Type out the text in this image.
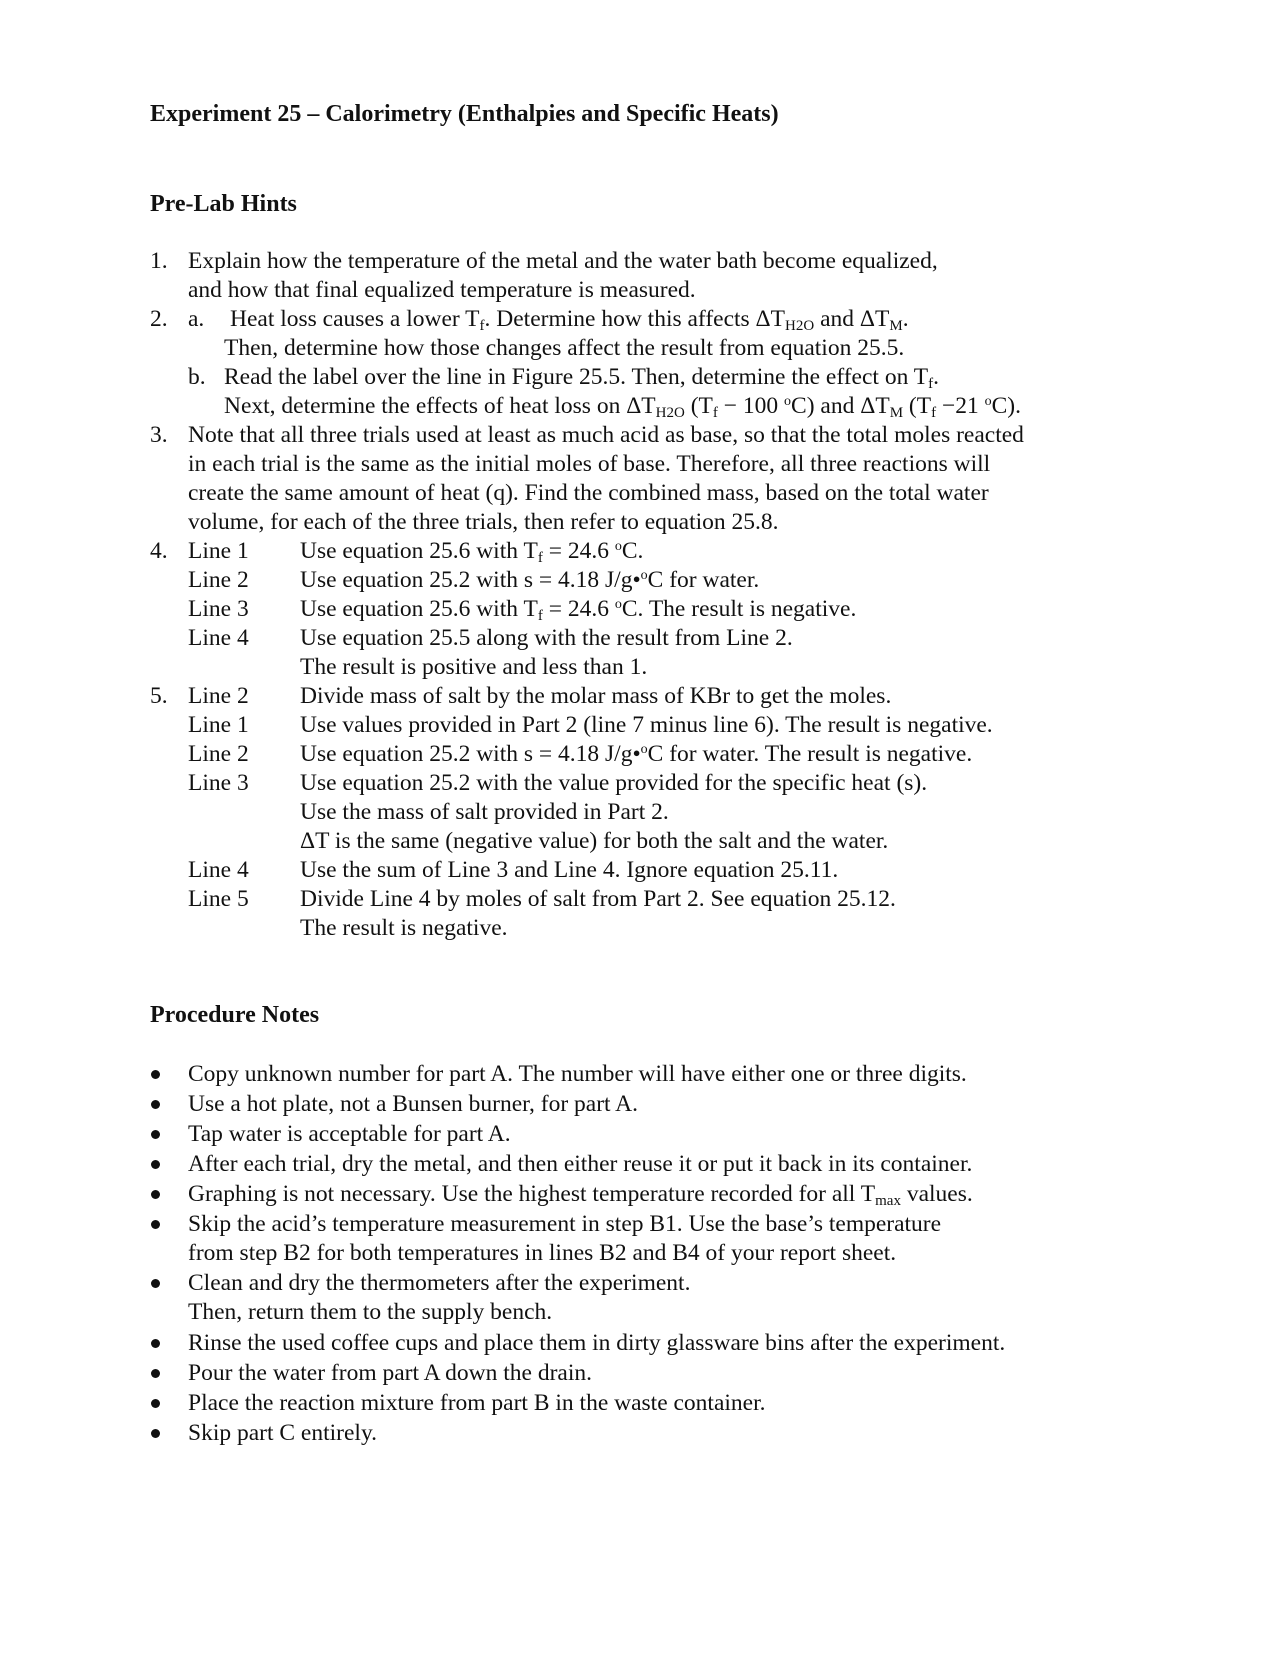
Experiment 25 – Calorimetry (Enthalpies and Specific Heats)
Pre-Lab Hints
1. Explain how the temperature of the metal and the water bath become equalized,
and how that final equalized temperature is measured.
2. a. Heat loss causes a lower $T_f$. Determine how this affects $\Delta T_{H2O}$ and $\Delta T_M$.
Then, determine how those changes affect the result from equation 25.5.
b. Read the label over the line in Figure 25.5. Then, determine the effect on $T_f$.
Next, determine the effects of heat loss on $\Delta T_{H2O}$ ($T_f - 100$ $^o$C) and $\Delta T_M$ ($T_f -21$ $^o$C).
3. Note that all three trials used at least as much acid as base, so that the total moles reacted
in each trial is the same as the initial moles of base. Therefore, all three reactions will
create the same amount of heat (q). Find the combined mass, based on the total water
volume, for each of the three trials, then refer to equation 25.8.
4. Line 1 Use equation 25.6 with $T_f = 24.6$ $^o$C.
Line 2 Use equation 25.2 with s = 4.18 J/g•$^o$C for water.
Line 3 Use equation 25.6 with $T_f = 24.6$ $^o$C. The result is negative.
Line 4 Use equation 25.5 along with the result from Line 2.
The result is positive and less than 1.
5. Line 2 Divide mass of salt by the molar mass of KBr to get the moles.
Line 1 Use values provided in Part 2 (line 7 minus line 6). The result is negative.
Line 2 Use equation 25.2 with s = 4.18 J/g•$^o$C for water. The result is negative.
Line 3 Use equation 25.2 with the value provided for the specific heat (s).
Use the mass of salt provided in Part 2.
ΔT is the same (negative value) for both the salt and the water.
Line 4 Use the sum of Line 3 and Line 4. Ignore equation 25.11.
Line 5 Divide Line 4 by moles of salt from Part 2. See equation 25.12.
The result is negative.
Procedure Notes
Copy unknown number for part A. The number will have either one or three digits.
Use a hot plate, not a Bunsen burner, for part A.
Tap water is acceptable for part A.
After each trial, dry the metal, and then either reuse it or put it back in its container.
Graphing is not necessary. Use the highest temperature recorded for all $T_{max}$ values.
Skip the acid’s temperature measurement in step B1. Use the base’s temperature
from step B2 for both temperatures in lines B2 and B4 of your report sheet.
Clean and dry the thermometers after the experiment.
Then, return them to the supply bench.
Rinse the used coffee cups and place them in dirty glassware bins after the experiment.
Pour the water from part A down the drain.
Place the reaction mixture from part B in the waste container.
Skip part C entirely.
